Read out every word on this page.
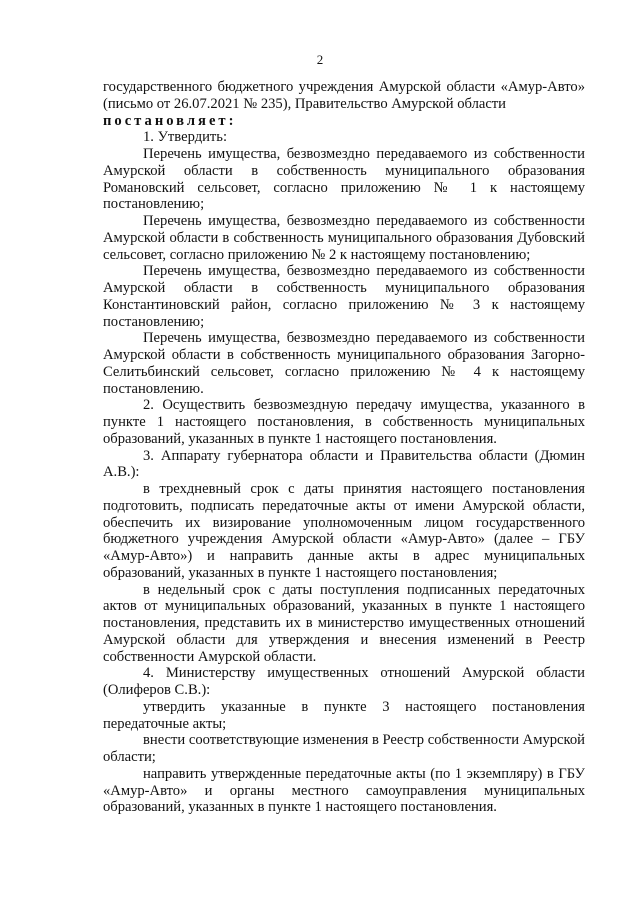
2

государственного бюджетного учреждения Амурской области «Амур-Авто» (письмо от 26.07.2021 № 235), Правительство Амурской области

постановляет:

1. Утвердить:

Перечень имущества, безвозмездно передаваемого из собственности Амурской области в собственность муниципального образования Романовский сельсовет, согласно приложению № 1 к настоящему постановлению;

Перечень имущества, безвозмездно передаваемого из собственности Амурской области в собственность муниципального образования Дубовский сельсовет, согласно приложению № 2 к настоящему постановлению;

Перечень имущества, безвозмездно передаваемого из собственности Амурской области в собственность муниципального образования Константиновский район, согласно приложению № 3 к настоящему постановлению;

Перечень имущества, безвозмездно передаваемого из собственности Амурской области в собственность муниципального образования Загорно-Селитьбинский сельсовет, согласно приложению № 4 к настоящему постановлению.

2. Осуществить безвозмездную передачу имущества, указанного в пункте 1 настоящего постановления, в собственность муниципальных образований, указанных в пункте 1 настоящего постановления.

3. Аппарату губернатора области и Правительства области (Дюмин А.В.):

в трехдневный срок с даты принятия настоящего постановления подготовить, подписать передаточные акты от имени Амурской области, обеспечить их визирование уполномоченным лицом государственного бюджетного учреждения Амурской области «Амур-Авто» (далее – ГБУ «Амур-Авто») и направить данные акты в адрес муниципальных образований, указанных в пункте 1 настоящего постановления;

в недельный срок с даты поступления подписанных передаточных актов от муниципальных образований, указанных в пункте 1 настоящего постановления, представить их в министерство имущественных отношений Амурской области для утверждения и внесения изменений в Реестр собственности Амурской области.

4. Министерству имущественных отношений Амурской области (Олиферов С.В.):

утвердить указанные в пункте 3 настоящего постановления передаточные акты;

внести соответствующие изменения в Реестр собственности Амурской области;

направить утвержденные передаточные акты (по 1 экземпляру) в ГБУ «Амур-Авто» и органы местного самоуправления муниципальных образований, указанных в пункте 1 настоящего постановления.
